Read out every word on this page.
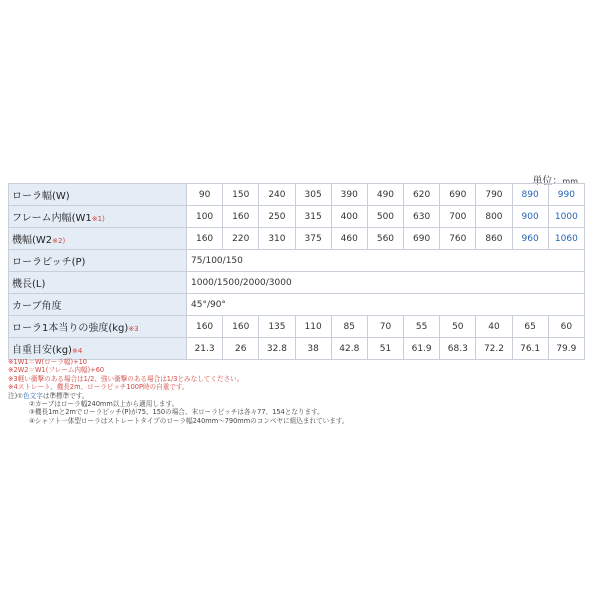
単位：mm
ローラ幅(W)	90	150	240	305	390	490	620	690	790	890	990
フレーム内幅(W1※1)	100	160	250	315	400	500	630	700	800	900	1000
機幅(W2※2)	160	220	310	375	460	560	690	760	860	960	1060
ローラピッチ(P)	75/100/150										
機長(L)	1000/1500/2000/3000										
カーブ角度	45°/90°										
ローラ1本当りの強度(kg)※3	160	160	135	110	85	70	55	50	40	65	60
自重目安(kg)※4	21.3	26	32.8	38	42.8	51	61.9	68.3	72.2	76.1	79.9
※1W1＝W(ローラ幅)+10
※2W2＝W1(フレーム内幅)+60
※3軽い衝撃のある場合は1/2、強い衝撃のある場合は1/3とみなしてください。
※4ストレート、機長2m、ローラピッチ100P時の自重です。
注)①色文字は準標準です。
②カーブはローラ幅240mm以上から適用します。
③機長1mと2mでローラピッチ(P)が75、150の場合、末ローラピッチは各々77、154となります。
④シャフト一体型ローラはストレートタイプのローラ幅240mm～790mmのコンベヤに組込まれています。
